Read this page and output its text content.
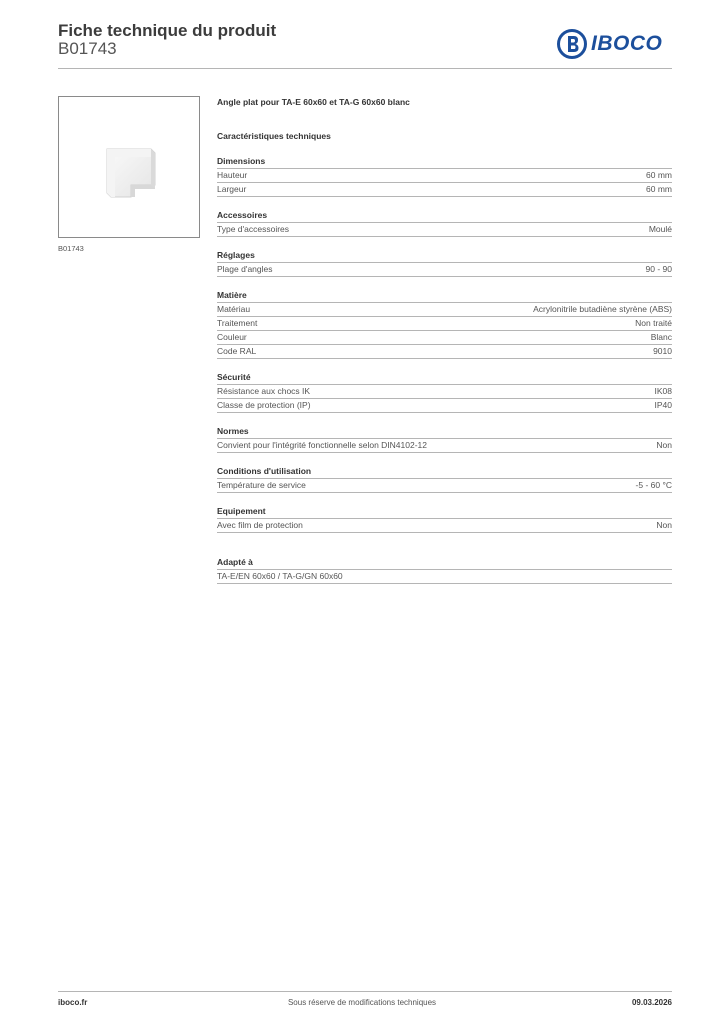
Fiche technique du produit
B01743	IBOCO
B01743
Angle plat pour TA-E 60x60 et TA-G 60x60 blanc
Caractéristiques techniques
Dimensions
Hauteur	60 mm
Largeur	60 mm
Accessoires
Type d'accessoires	Moulé
Réglages
Plage d'angles	90 - 90
Matière
Matériau	Acrylonitrile butadiène styrène (ABS)
Traitement	Non traité
Couleur	Blanc
Code RAL	9010
Sécurité
Résistance aux chocs IK	IK08
Classe de protection (IP)	IP40
Normes
Convient pour l'intégrité fonctionnelle selon DIN4102-12	Non
Conditions d'utilisation
Température de service	-5 - 60 °C
Equipement
Avec film de protection	Non
Adapté à
TA-E/EN 60x60 / TA-G/GN 60x60
iboco.fr	Sous réserve de modifications techniques	09.03.2026
